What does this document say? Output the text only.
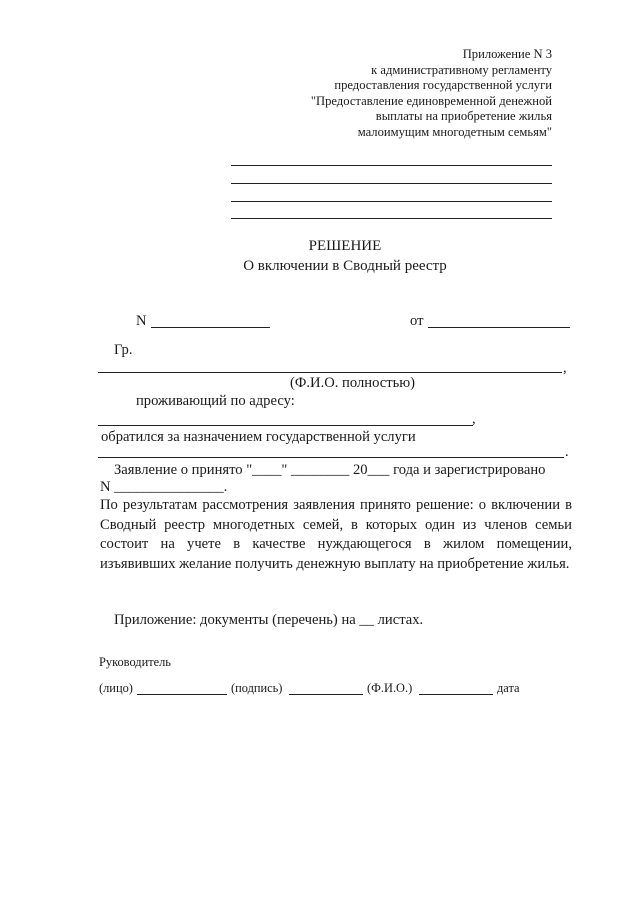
Приложение N 3
к административному регламенту
предоставления государственной услуги
"Предоставление единовременной денежной
выплаты на приобретение жилья
малоимущим многодетным семьям"
РЕШЕНИЕ
О включении в Сводный реестр
N	от
Гр.
,
(Ф.И.О. полностью)
проживающий по адресу:
,
обратился за назначением государственной услуги
.
Заявление о принято "____" ________ 20___ года и зарегистрировано
N _______________.
По результатам рассмотрения заявления принято решение: о включении в Сводный реестр многодетных семей, в которых один из членов семьи состоит на учете в качестве нуждающегося в жилом помещении, изъявивших желание получить денежную выплату на приобретение жилья.
Приложение: документы (перечень) на __ листах.
Руководитель
(лицо)	(подпись)	(Ф.И.О.)	дата
